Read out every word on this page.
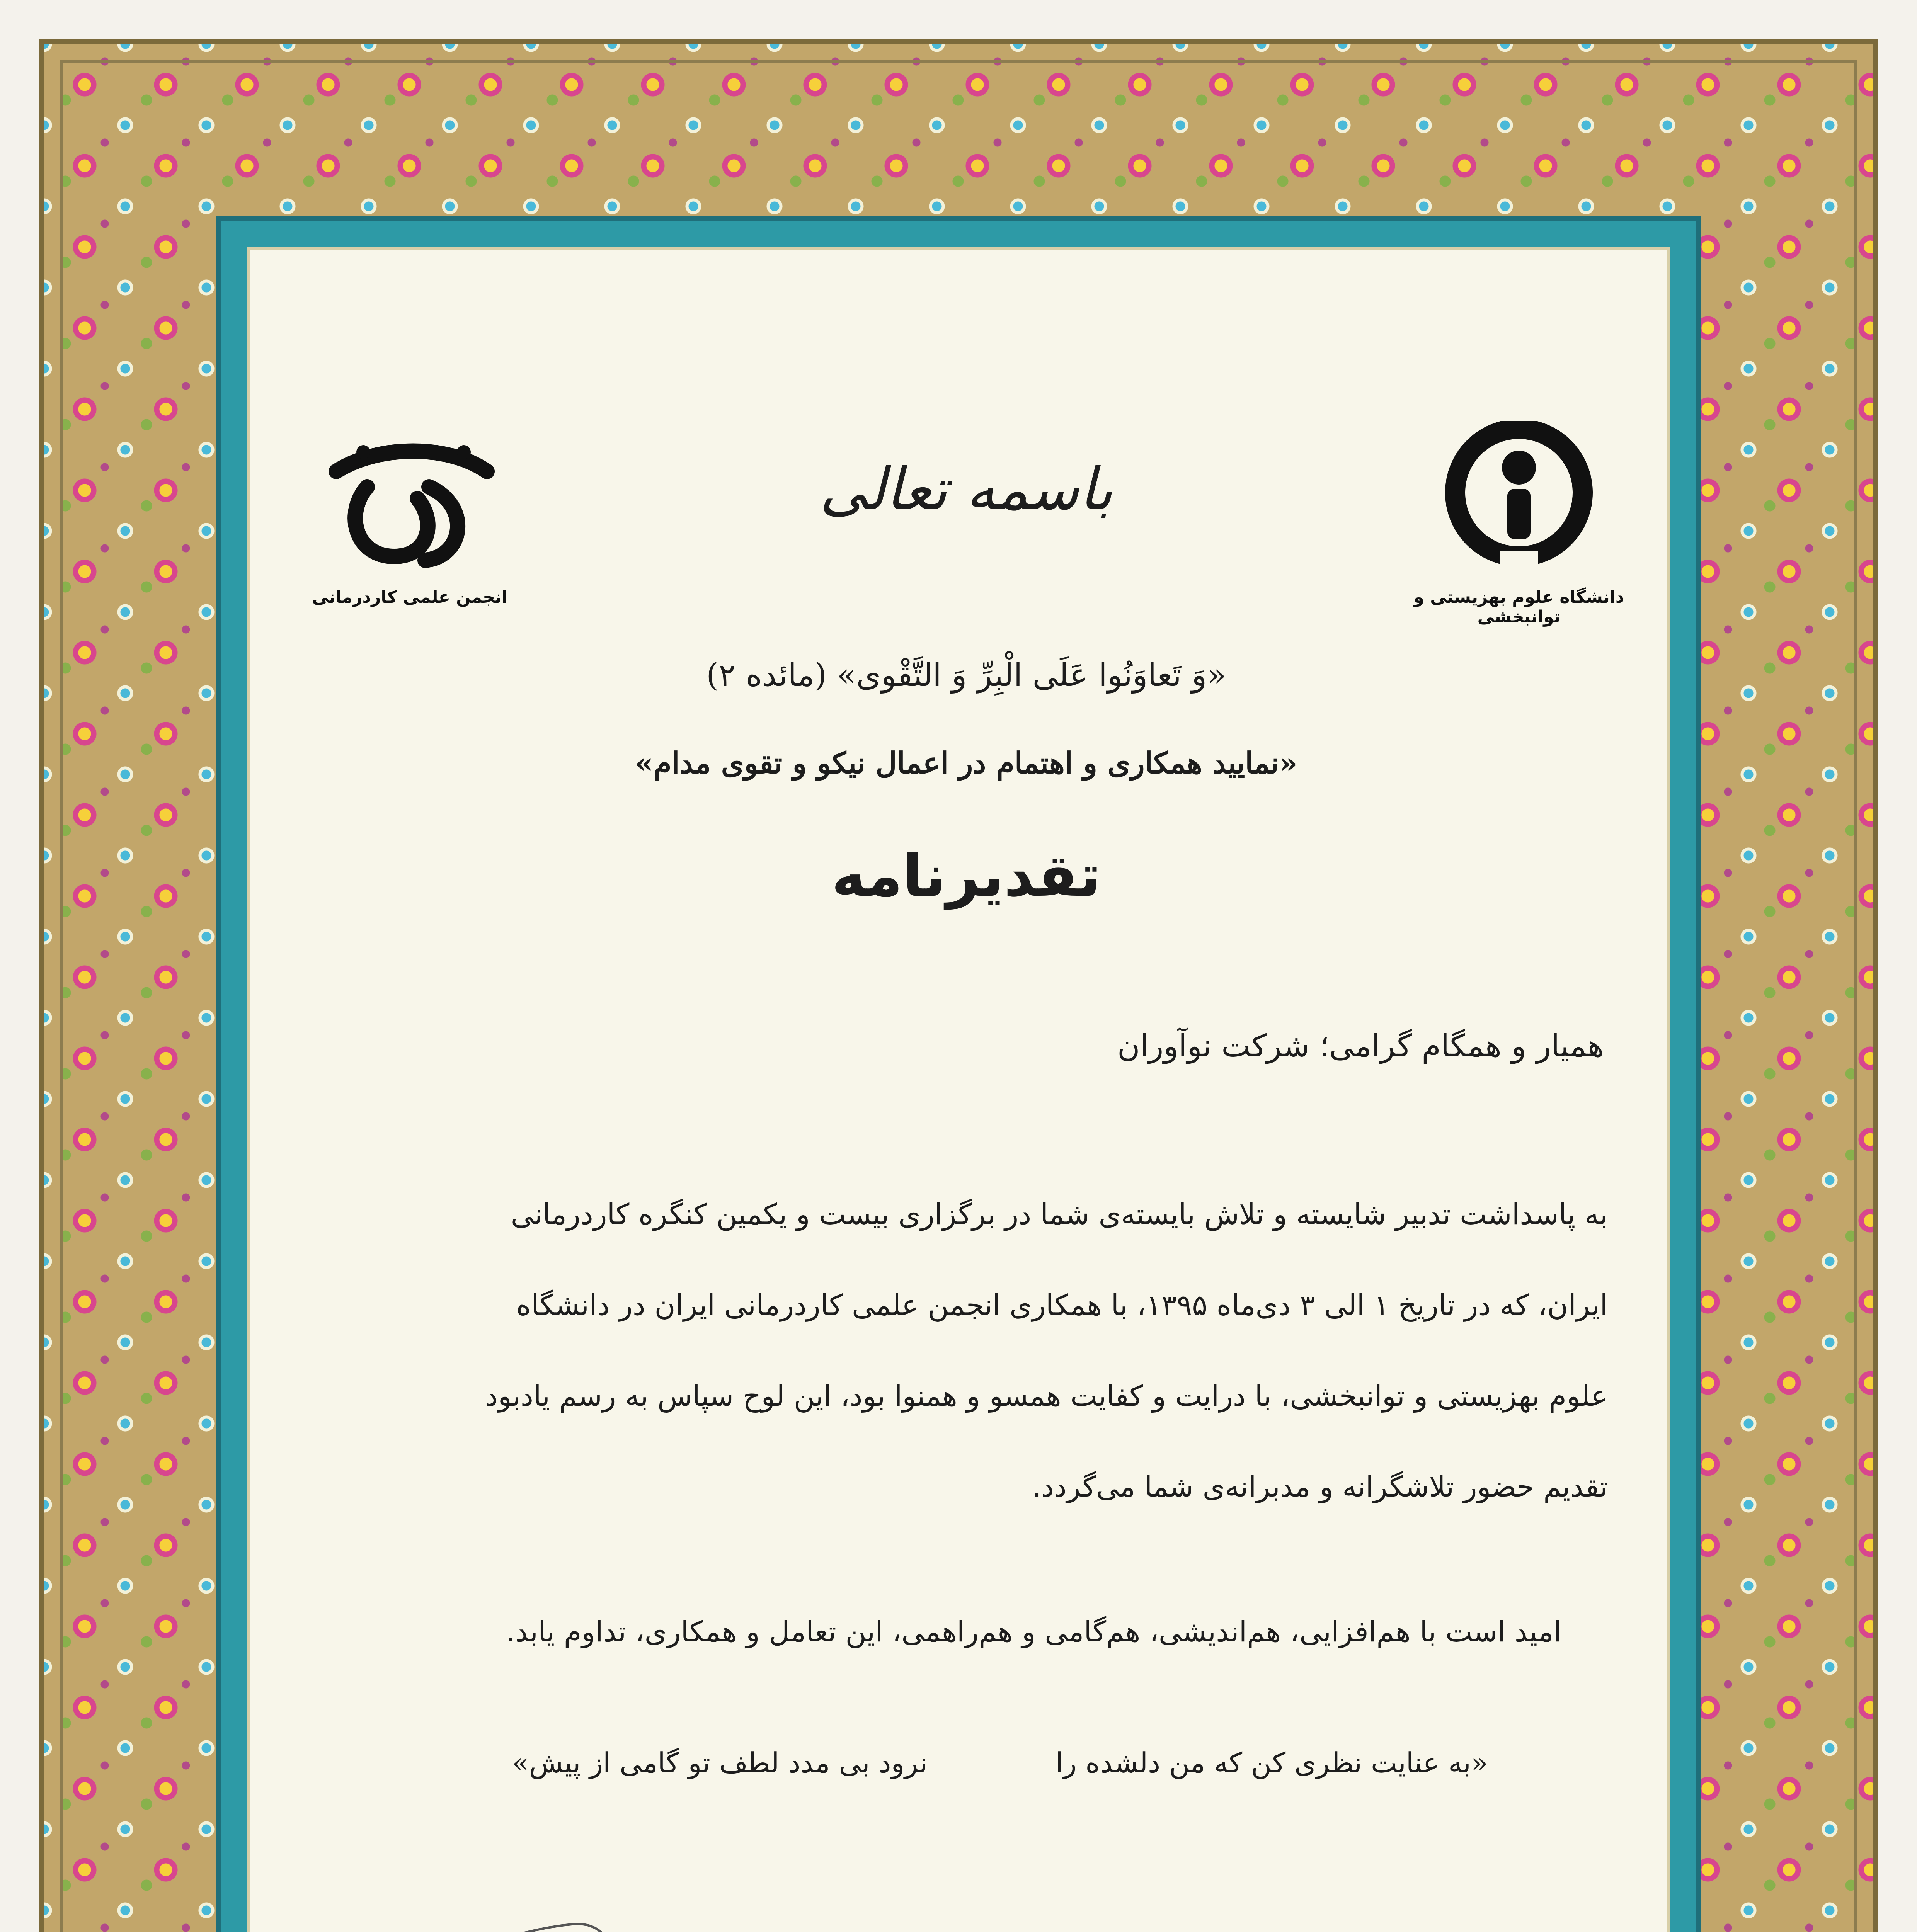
دانشگاه علوم بهزیستی و توانبخشی
انجمن علمی کاردرمانی
باسمه تعالی
«وَ تَعاوَنُوا عَلَی الْبِرِّ وَ التَّقْوی» (مائده ۲)
«نمایید همکاری و اهتمام در اعمال نیکو و تقوی مدام»
تقدیرنامه
همیار و همگام گرامی؛ شرکت نوآوران
به پاسداشت تدبیر شایسته و تلاش بایسته‌ی شما در برگزاری بیست و یکمین کنگره کاردرمانی
ایران، که در تاریخ ۱ الی ۳ دی‌ماه ۱۳۹۵، با همکاری انجمن علمی کاردرمانی ایران در دانشگاه
علوم بهزیستی و توانبخشی، با درایت و کفایت همسو و همنوا بود، این لوح سپاس به رسم یادبود
تقدیم حضور تلاشگرانه و مدبرانه‌ی شما می‌گردد.
امید است با هم‌افزایی، هم‌اندیشی، هم‌گامی و هم‌راهمی، این تعامل و همکاری، تداوم یابد.
«به عنایت نظری کن که من دلشده را
نرود بی مدد لطف تو گامی از پیش»
